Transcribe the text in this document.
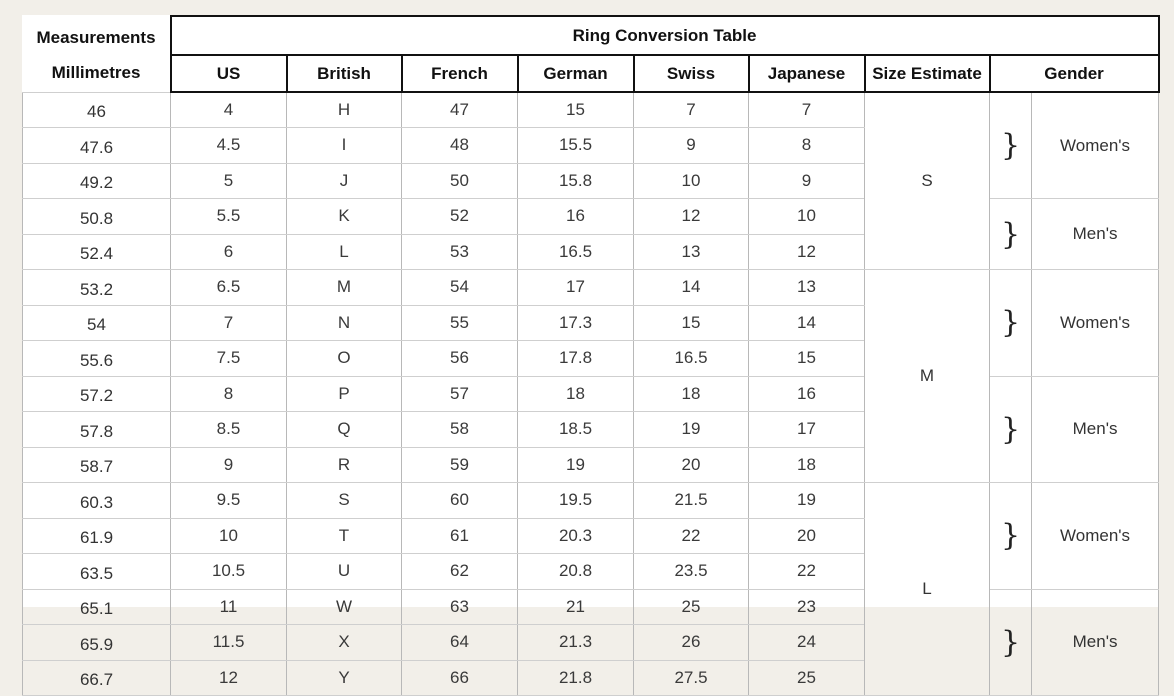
Measurements	Ring Conversion Table								
Millimetres	US	British	French	German	Swiss	Japanese	Size Estimate	Gender	
46	4	H	47	15	7	7	S	}	Women's
47.6	4.5	I	48	15.5	9	8			
49.2	5	J	50	15.8	10	9			
50.8	5.5	K	52	16	12	10		}	Men's
52.4	6	L	53	16.5	13	12			
53.2	6.5	M	54	17	14	13	M	}	Women's
54	7	N	55	17.3	15	14			
55.6	7.5	O	56	17.8	16.5	15			
57.2	8	P	57	18	18	16		}	Men's
57.8	8.5	Q	58	18.5	19	17			
58.7	9	R	59	19	20	18			
60.3	9.5	S	60	19.5	21.5	19	L	}	Women's
61.9	10	T	61	20.3	22	20			
63.5	10.5	U	62	20.8	23.5	22			
65.1	11	W	63	21	25	23		}	Men's
65.9	11.5	X	64	21.3	26	24			
66.7	12	Y	66	21.8	27.5	25			
